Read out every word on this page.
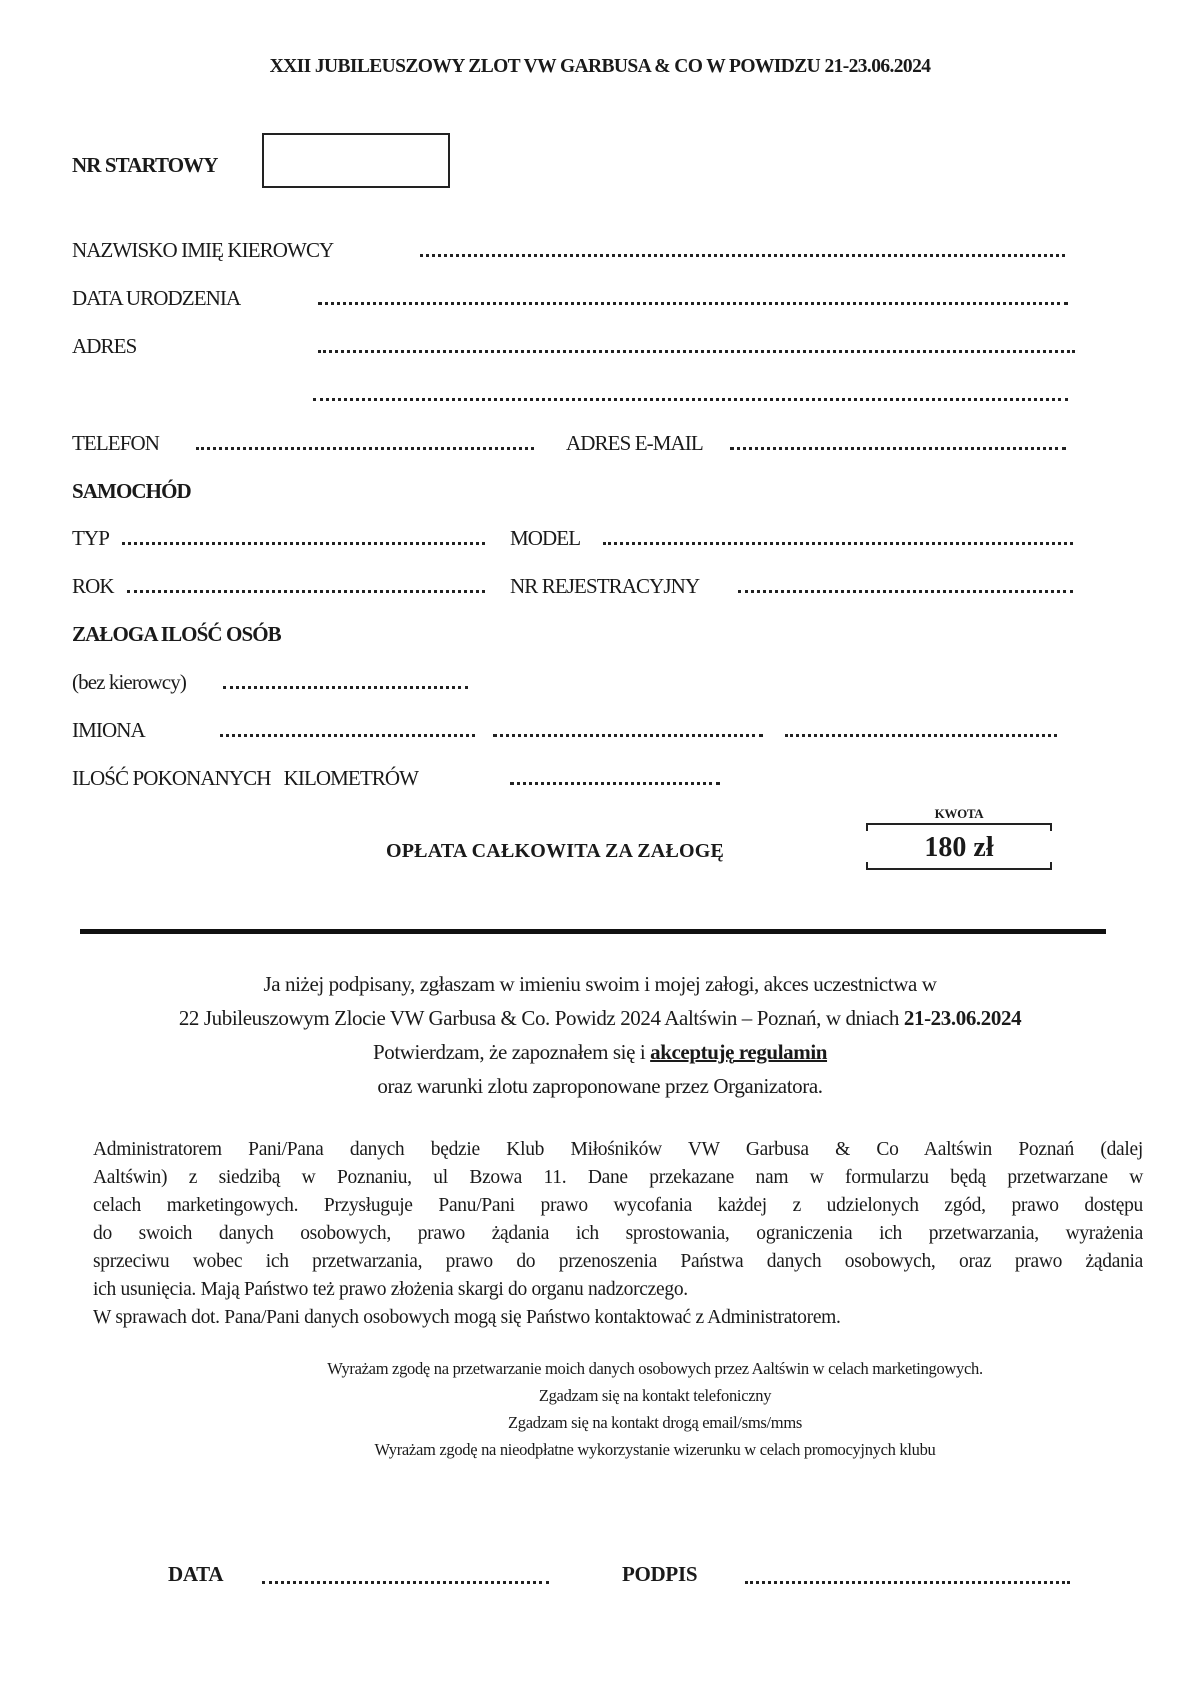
XXII JUBILEUSZOWY ZLOT VW GARBUSA & CO W POWIDZU 21-23.06.2024
NR STARTOWY
NAZWISKO IMIĘ KIEROWCY
DATA URODZENIA
ADRES
TELEFON	ADRES E-MAIL
SAMOCHÓD
TYP	MODEL
ROK	NR REJESTRACYJNY
ZAŁOGA ILOŚĆ OSÓB
(bez kierowcy)
IMIONA
ILOŚĆ POKONANYCH   KILOMETRÓW
OPŁATA CAŁKOWITA ZA ZAŁOGĘ
KWOTA
180 zł
Ja niżej podpisany, zgłaszam w imieniu swoim i mojej załogi, akces uczestnictwa w
22 Jubileuszowym Zlocie VW Garbusa & Co. Powidz 2024 Aaltświn – Poznań, w dniach 21-23.06.2024
Potwierdzam, że zapoznałem się i akceptuję regulamin
oraz warunki zlotu zaproponowane przez Organizatora.
Administratorem Pani/Pana danych będzie Klub Miłośników VW Garbusa & Co Aaltświn Poznań (dalej
Aaltświn) z siedzibą w Poznaniu, ul Bzowa 11. Dane przekazane nam w formularzu będą przetwarzane w
celach marketingowych. Przysługuje Panu/Pani prawo wycofania każdej z udzielonych zgód, prawo dostępu
do swoich danych osobowych, prawo żądania ich sprostowania, ograniczenia ich przetwarzania, wyrażenia
sprzeciwu wobec ich przetwarzania, prawo do przenoszenia Państwa danych osobowych, oraz prawo żądania
ich usunięcia. Mają Państwo też prawo złożenia skargi do organu nadzorczego.
W sprawach dot. Pana/Pani danych osobowych mogą się Państwo kontaktować z Administratorem.
Wyrażam zgodę na przetwarzanie moich danych osobowych przez Aaltświn w celach marketingowych.
Zgadzam się na kontakt telefoniczny
Zgadzam się na kontakt drogą email/sms/mms
Wyrażam zgodę na nieodpłatne wykorzystanie wizerunku w celach promocyjnych klubu
DATA	PODPIS
